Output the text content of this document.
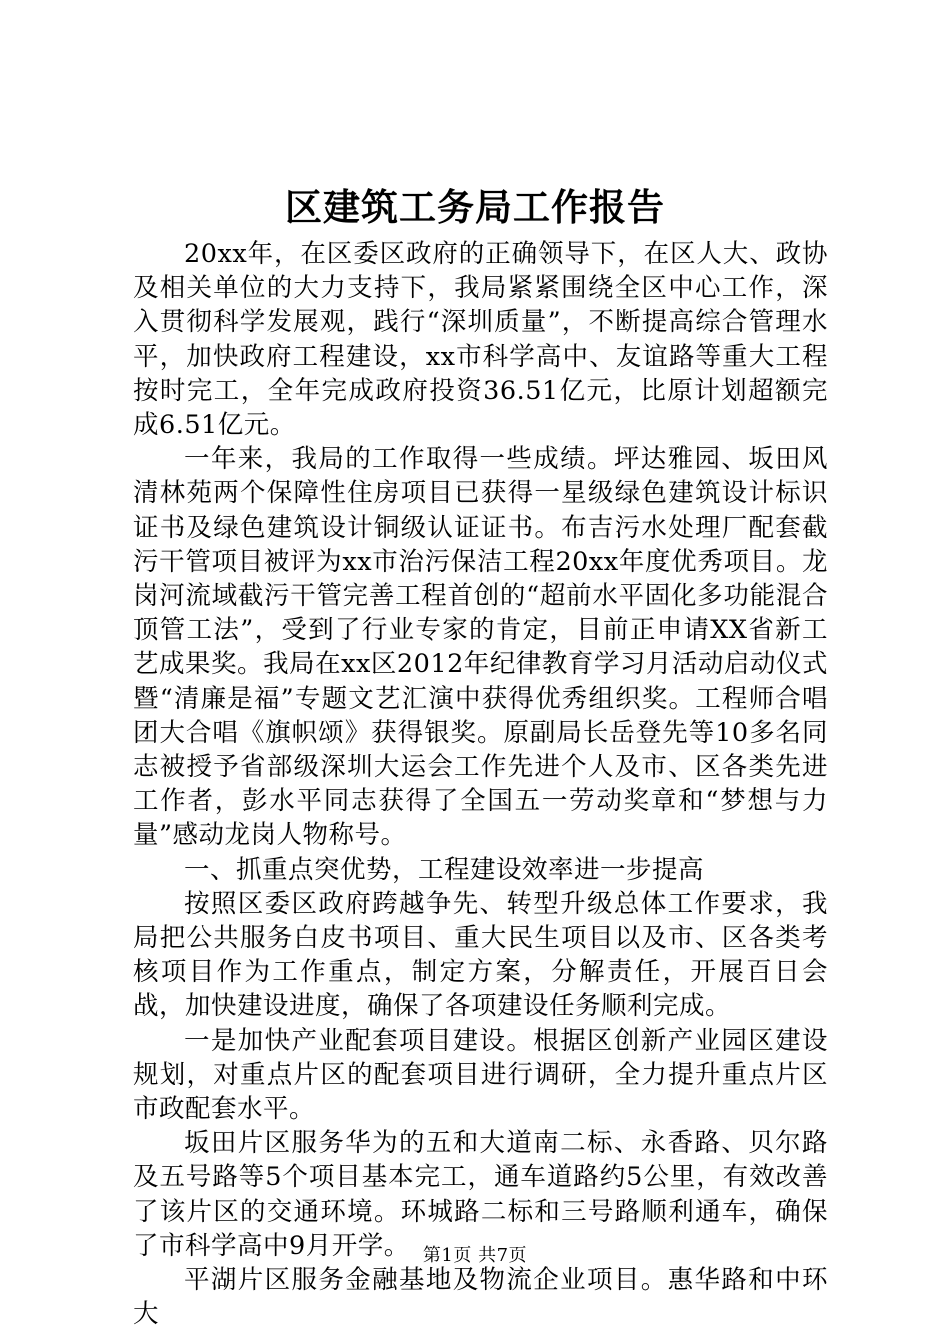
区建筑工务局工作报告

20xx年，在区委区政府的正确领导下，在区人大、政协及相关单位的大力支持下，我局紧紧围绕全区中心工作，深入贯彻科学发展观，践行“深圳质量”，不断提高综合管理水平，加快政府工程建设，xx市科学高中、友谊路等重大工程按时完工，全年完成政府投资36.51亿元，比原计划超额完成6.51亿元。

一年来，我局的工作取得一些成绩。坪达雅园、坂田风清林苑两个保障性住房项目已获得一星级绿色建筑设计标识证书及绿色建筑设计铜级认证证书。布吉污水处理厂配套截污干管项目被评为xx市治污保洁工程20xx年度优秀项目。龙岗河流域截污干管完善工程首创的“超前水平固化多功能混合顶管工法”，受到了行业专家的肯定，目前正申请XX省新工艺成果奖。我局在xx区2012年纪律教育学习月活动启动仪式暨“清廉是福”专题文艺汇演中获得优秀组织奖。工程师合唱团大合唱《旗帜颂》获得银奖。原副局长岳登先等10多名同志被授予省部级深圳大运会工作先进个人及市、区各类先进工作者，彭水平同志获得了全国五一劳动奖章和“梦想与力量”感动龙岗人物称号。

一、抓重点突优势，工程建设效率进一步提高

按照区委区政府跨越争先、转型升级总体工作要求，我局把公共服务白皮书项目、重大民生项目以及市、区各类考核项目作为工作重点，制定方案，分解责任，开展百日会战，加快建设进度，确保了各项建设任务顺利完成。

一是加快产业配套项目建设。根据区创新产业园区建设规划，对重点片区的配套项目进行调研，全力提升重点片区市政配套水平。

坂田片区服务华为的五和大道南二标、永香路、贝尔路及五号路等5个项目基本完工，通车道路约5公里，有效改善了该片区的交通环境。环城路二标和三号路顺利通车，确保了市科学高中9月开学。

平湖片区服务金融基地及物流企业项目。惠华路和中环大

第1页 共7页
